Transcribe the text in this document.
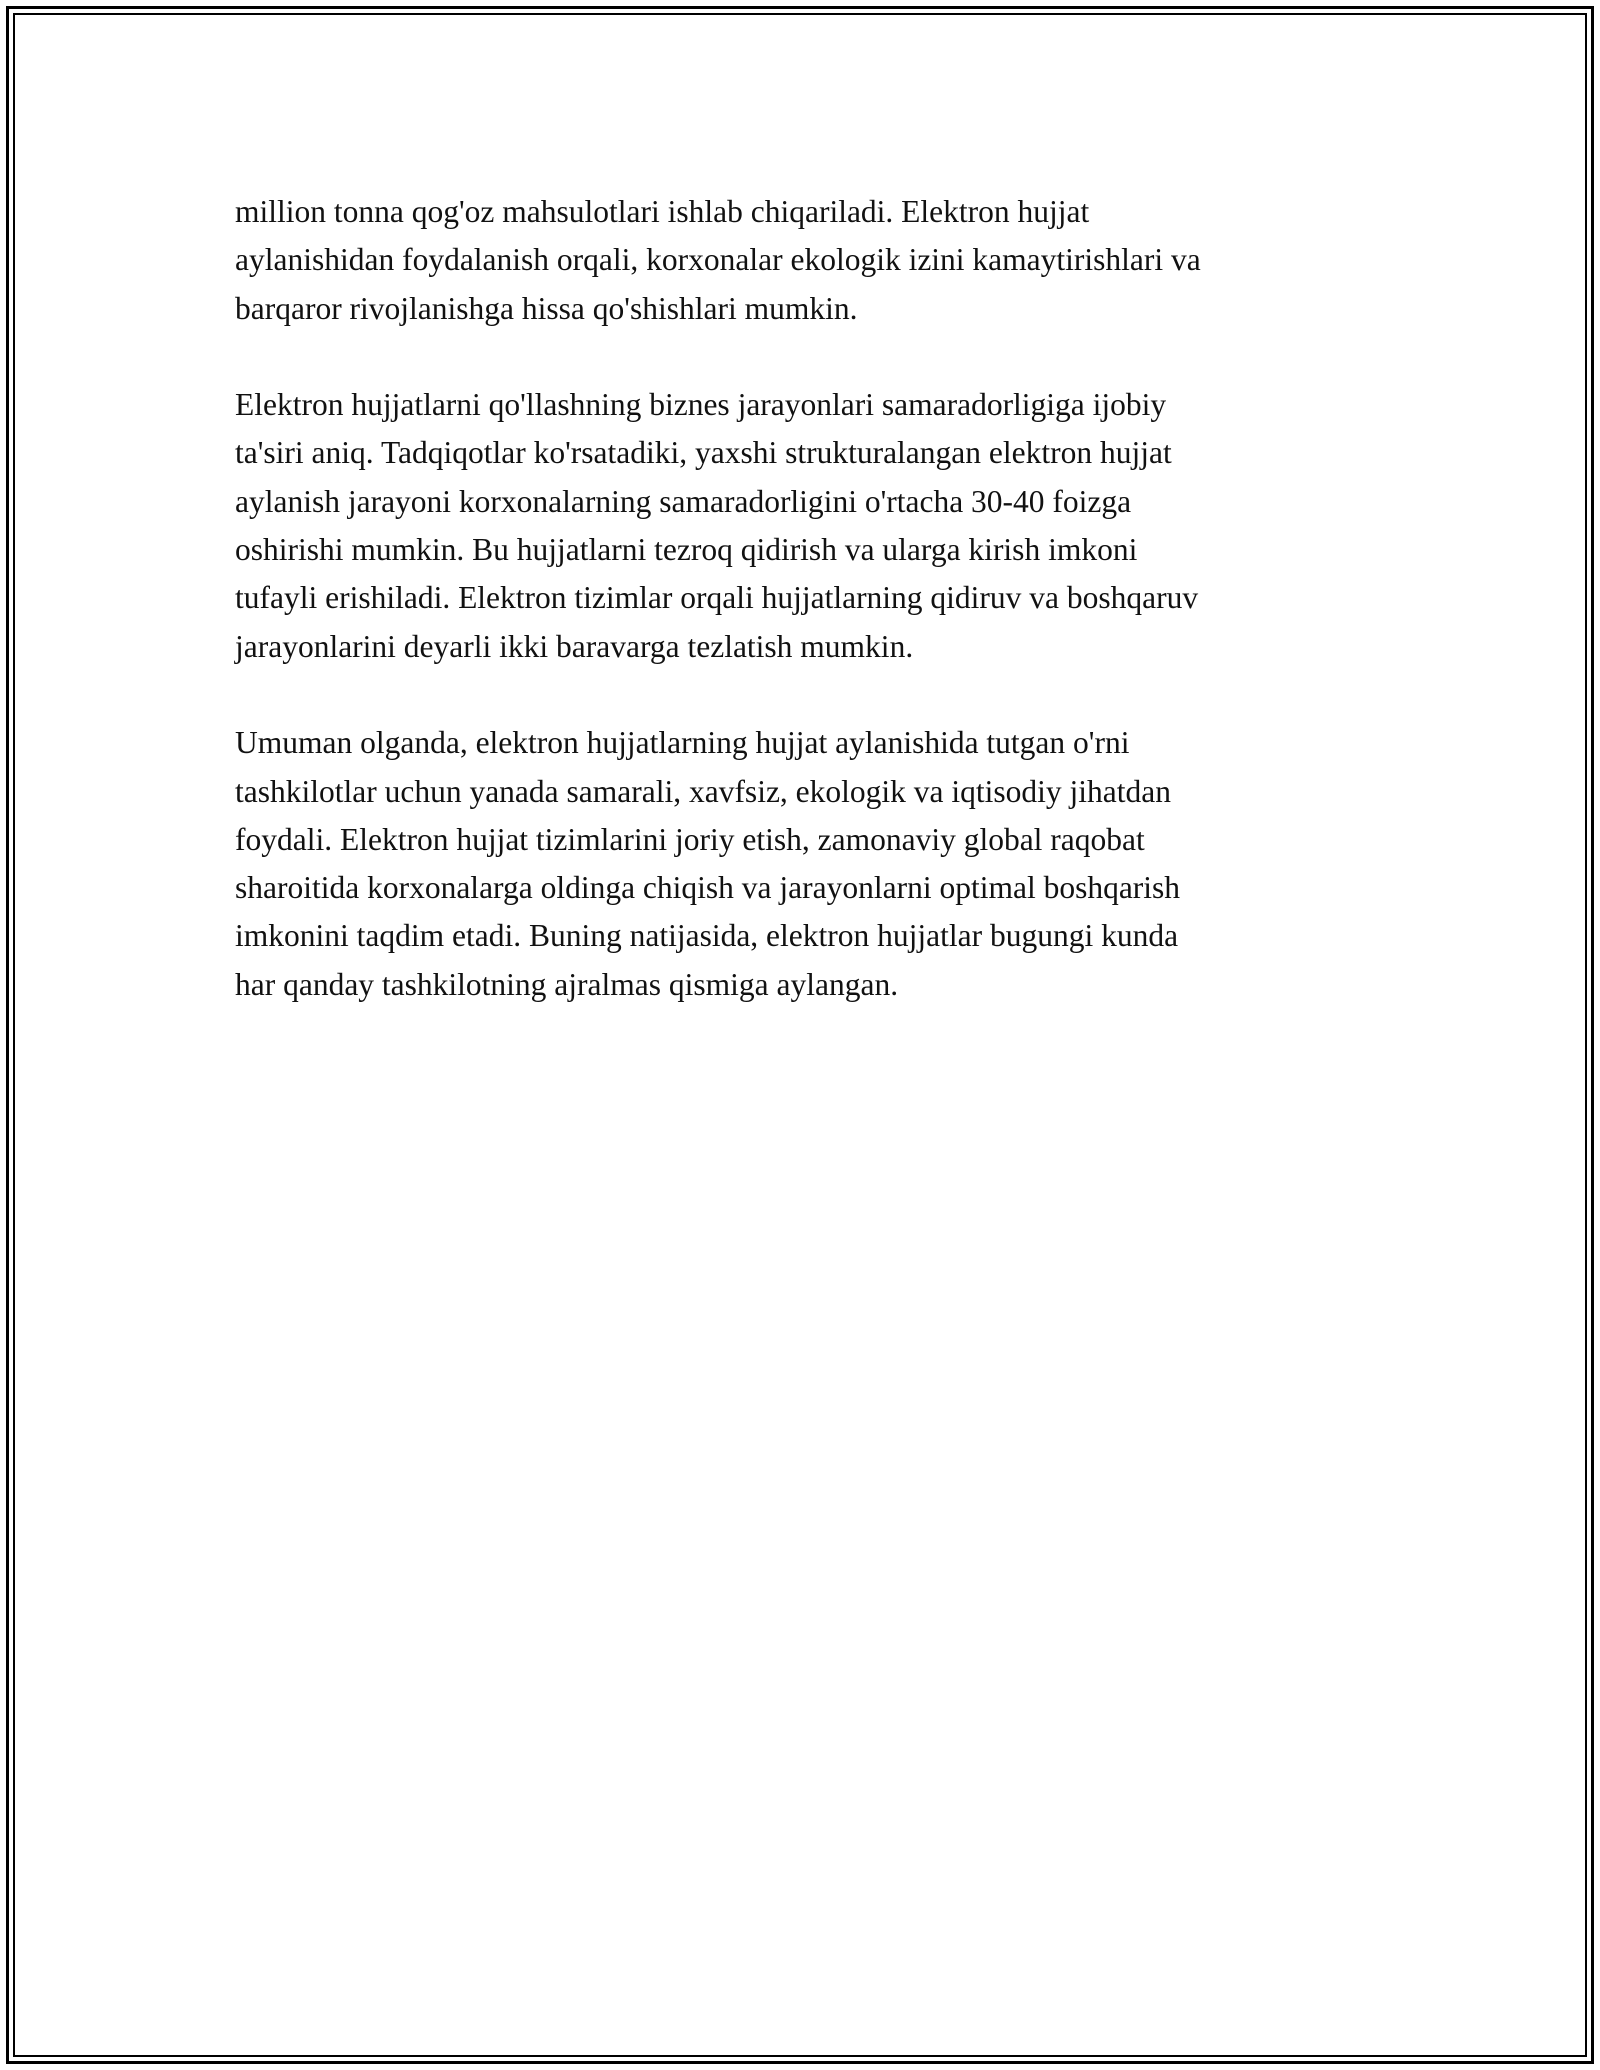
million tonna qog'oz mahsulotlari ishlab chiqariladi. Elektron hujjat
aylanishidan foydalanish orqali, korxonalar ekologik izini kamaytirishlari va
barqaror rivojlanishga hissa qo'shishlari mumkin.

Elektron hujjatlarni qo'llashning biznes jarayonlari samaradorligiga ijobiy
ta'siri aniq. Tadqiqotlar ko'rsatadiki, yaxshi strukturalangan elektron hujjat
aylanish jarayoni korxonalarning samaradorligini o'rtacha 30-40 foizga
oshirishi mumkin. Bu hujjatlarni tezroq qidirish va ularga kirish imkoni
tufayli erishiladi. Elektron tizimlar orqali hujjatlarning qidiruv va boshqaruv
jarayonlarini deyarli ikki baravarga tezlatish mumkin.

Umuman olganda, elektron hujjatlarning hujjat aylanishida tutgan o'rni
tashkilotlar uchun yanada samarali, xavfsiz, ekologik va iqtisodiy jihatdan
foydali. Elektron hujjat tizimlarini joriy etish, zamonaviy global raqobat
sharoitida korxonalarga oldinga chiqish va jarayonlarni optimal boshqarish
imkonini taqdim etadi. Buning natijasida, elektron hujjatlar bugungi kunda
har qanday tashkilotning ajralmas qismiga aylangan.
